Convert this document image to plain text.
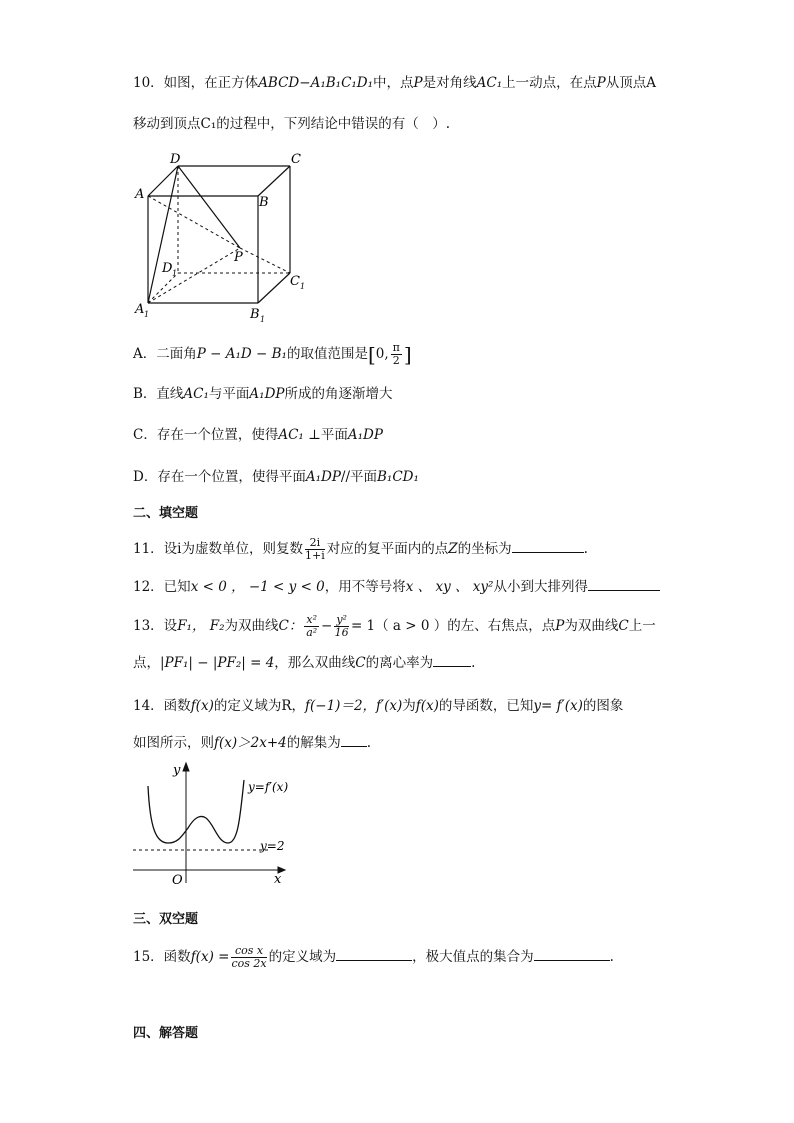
10．如图，在正方体ABCD−A₁B₁C₁D₁中，点P是对角线AC₁上一动点，在点P从顶点A
移动到顶点C₁的过程中，下列结论中错误的有（　）.
D	C
A
B
P
D 1
C 1
A 1	B 1
A．二面角P − A₁D − B₁的取值范围是[0, $\frac{\pi}{2}$ ]
B．直线AC₁与平面A₁DP所成的角逐渐增大
C．存在一个位置，使得AC₁ ⊥平面A₁DP
D．存在一个位置，使得平面A₁DP//平面B₁CD₁
二、填空题
11．设i为虚数单位，则复数 $\frac{2i}{1+i}$ 对应的复平面内的点Z的坐标为	.
12．已知x < 0 ， −1 < y < 0，用不等号将x 、 xy 、 xy²从小到大排列得
13．设F₁， F₂为双曲线C： $\frac{\text{x²}}{\text{a²}} - \frac{\text{y²}}{16} = 1$（ a > 0 ）的左、右焦点，点P为双曲线C上一
点，|PF₁| − |PF₂| = 4，那么双曲线C的离心率为	.
14．函数f(x)的定义域为R，f(−1)＝2，f′(x)为f(x)的导函数，已知y= f′(x)的图象
如图所示，则f(x)＞2x+4的解集为 .
y
x
O
y=f′(x)
y=2
三、双空题
15．函数$f(x) = \frac{\text{cos x}}{\cos 2x}$ 的定义域为	，极大值点的集合为	.
四、解答题
